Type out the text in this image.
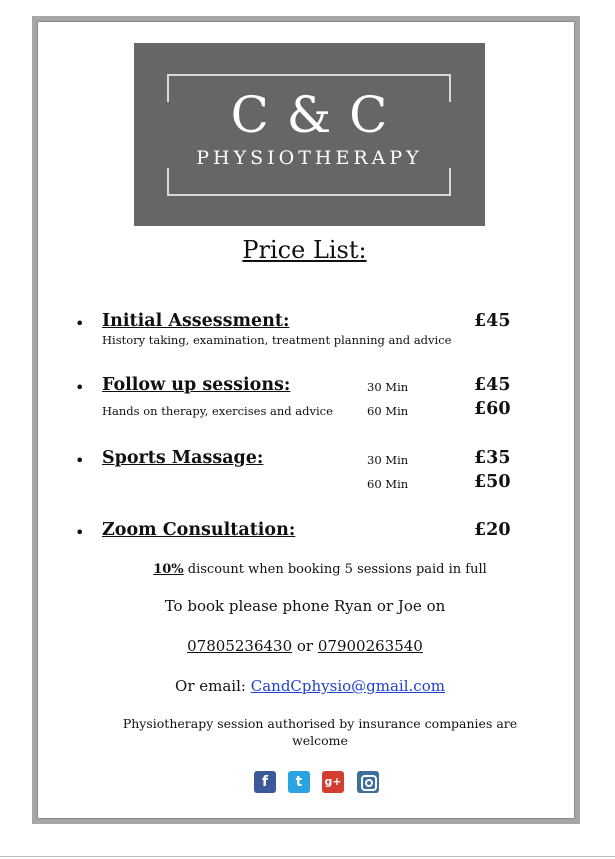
C & C
PHYSIOTHERAPY
Price List:
• Initial Assessment:	£45
History taking, examination, treatment planning and advice
• Follow up sessions:	30 Min	£45
Hands on therapy, exercises and advice	60 Min	£60
• Sports Massage:	30 Min	£35
60 Min	£50
• Zoom Consultation:	£20
10% discount when booking 5 sessions paid in full
To book please phone Ryan or Joe on
07805236430 or 07900263540
Or email: CandCphysio@gmail.com
Physiotherapy session authorised by insurance companies are welcome
f	t	g+
